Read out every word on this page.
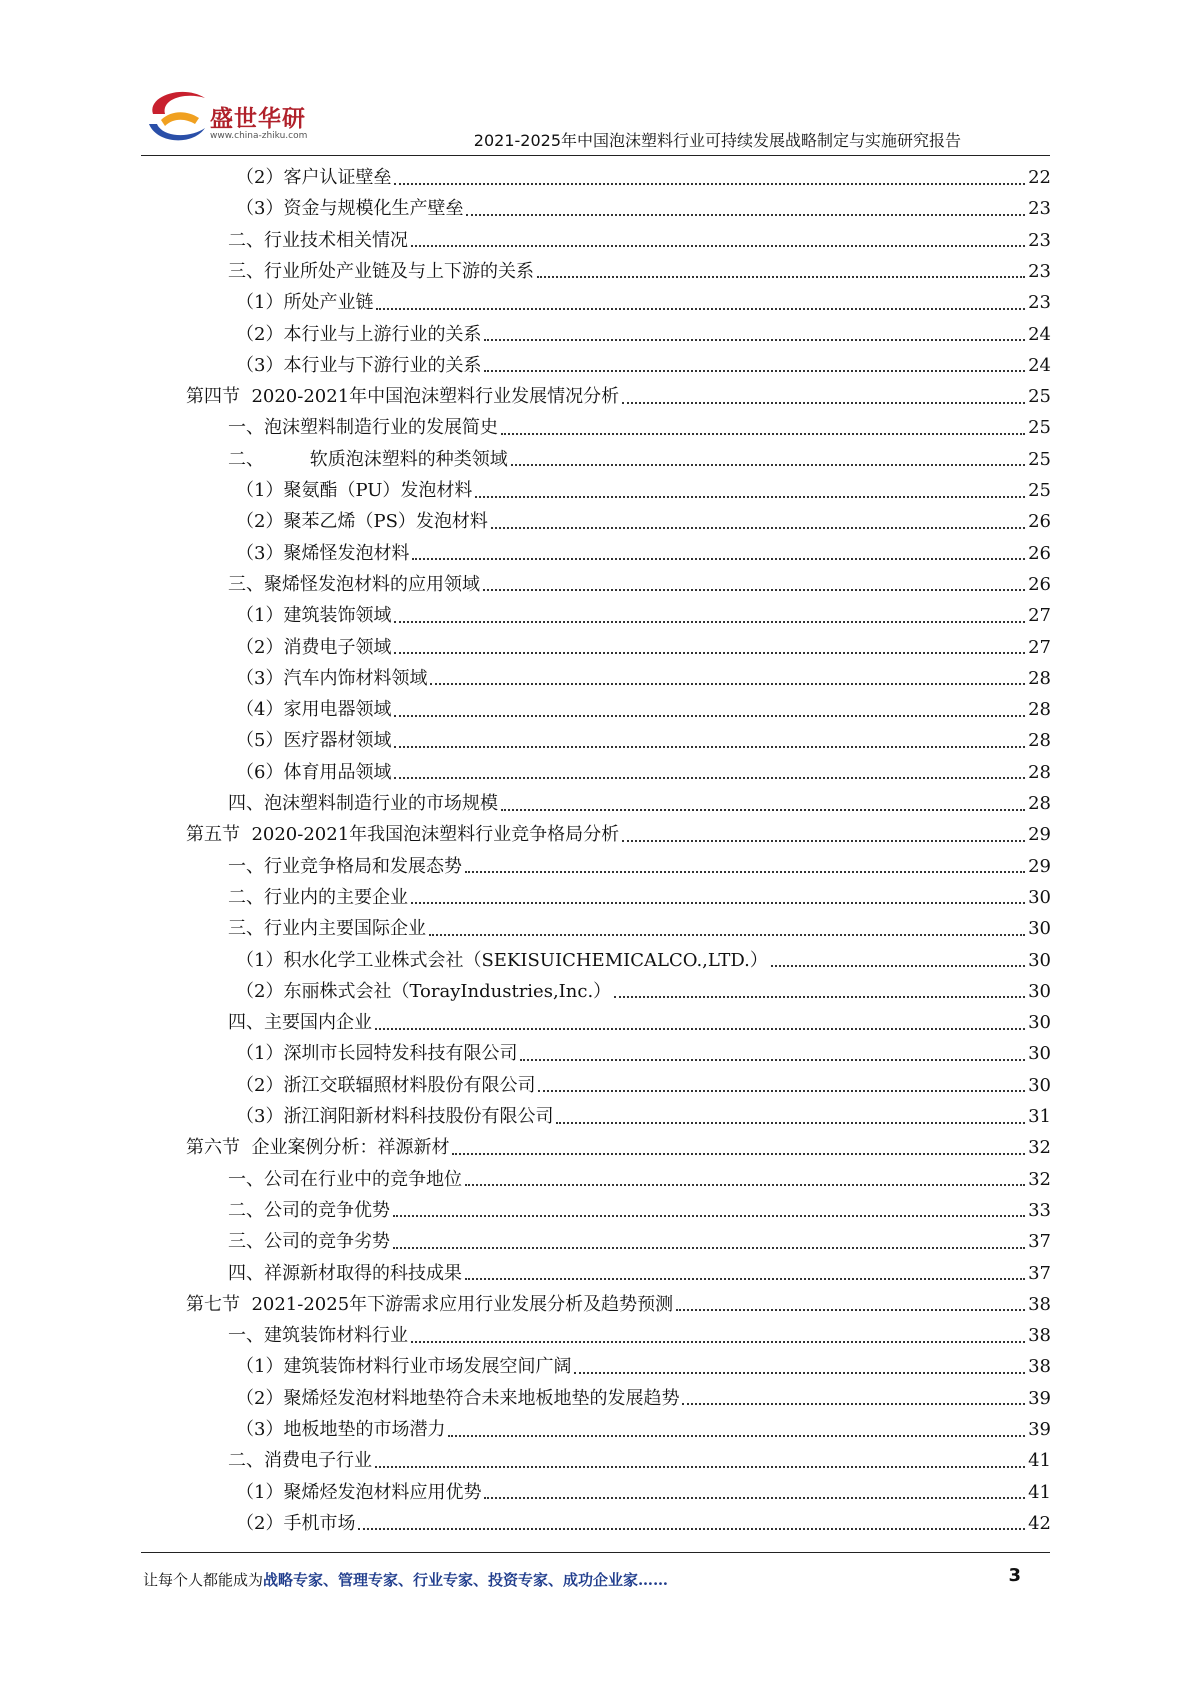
盛世华研
www.china-zhiku.com	2021-2025年中国泡沫塑料行业可持续发展战略制定与实施研究报告
（2）客户认证壁垒	22
（3）资金与规模化生产壁垒	23
二、行业技术相关情况	23
三、行业所处产业链及与上下游的关系	23
（1）所处产业链	23
（2）本行业与上游行业的关系	24
（3）本行业与下游行业的关系	24
第四节  2020-2021年中国泡沫塑料行业发展情况分析	25
一、泡沫塑料制造行业的发展简史	25
二、        软质泡沫塑料的种类领域	25
（1）聚氨酯（PU）发泡材料	25
（2）聚苯乙烯（PS）发泡材料	26
（3）聚烯怪发泡材料	26
三、聚烯怪发泡材料的应用领域	26
（1）建筑装饰领域	27
（2）消费电子领域	27
（3）汽车内饰材料领域	28
（4）家用电器领域	28
（5）医疗器材领域	28
（6）体育用品领域	28
四、泡沫塑料制造行业的市场规模	28
第五节  2020-2021年我国泡沫塑料行业竞争格局分析	29
一、行业竞争格局和发展态势	29
二、行业内的主要企业	30
三、行业内主要国际企业	30
（1）积水化学工业株式会社（SEKISUICHEMICALCO.,LTD.）	30
（2）东丽株式会社（TorayIndustries,Inc.）	30
四、主要国内企业	30
（1）深圳市长园特发科技有限公司	30
（2）浙江交联辐照材料股份有限公司	30
（3）浙江润阳新材料科技股份有限公司	31
第六节  企业案例分析：祥源新材	32
一、公司在行业中的竞争地位	32
二、公司的竞争优势	33
三、公司的竞争劣势	37
四、祥源新材取得的科技成果	37
第七节  2021-2025年下游需求应用行业发展分析及趋势预测	38
一、建筑装饰材料行业	38
（1）建筑装饰材料行业市场发展空间广阔	38
（2）聚烯烃发泡材料地垫符合未来地板地垫的发展趋势	39
（3）地板地垫的市场潜力	39
二、消费电子行业	41
（1）聚烯烃发泡材料应用优势	41
（2）手机市场	42
让每个人都能成为战略专家、管理专家、行业专家、投资专家、成功企业家……	3
